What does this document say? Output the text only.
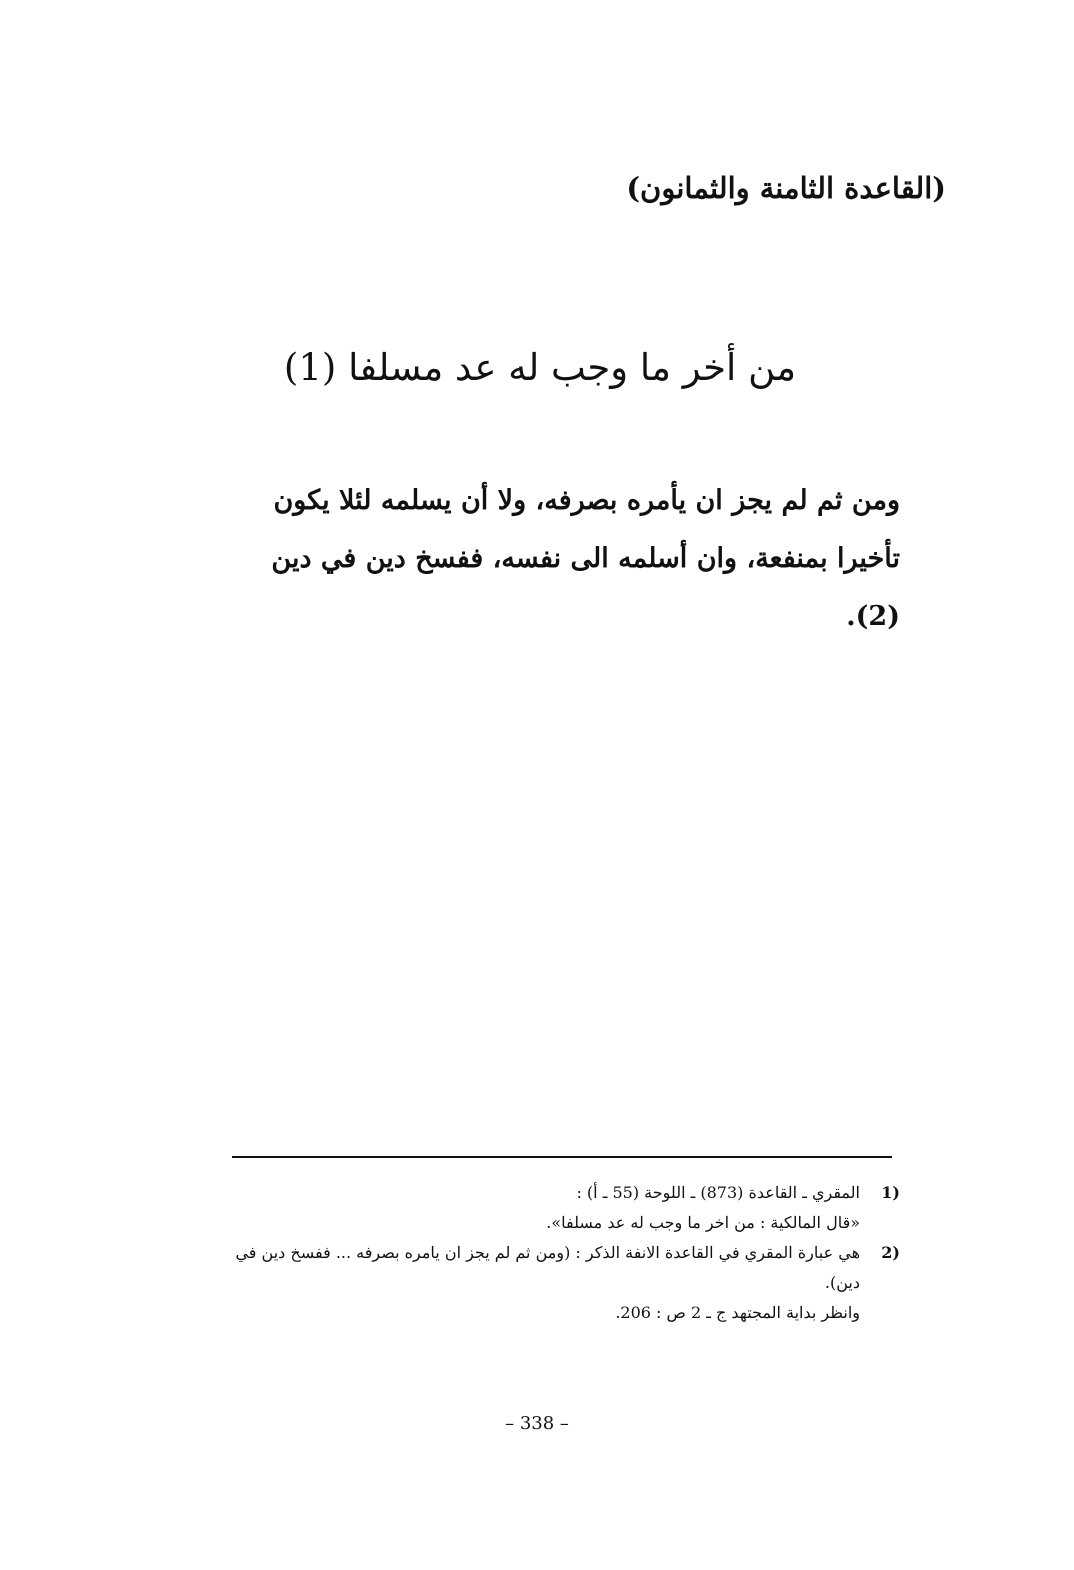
(القاعدة الثامنة والثمانون)
من أخر ما وجب له عد مسلفا (1)

ومن ثم لم يجز ان يأمره بصرفه، ولا أن يسلمه لئلا يكون تأخيرا بمنفعة، وان أسلمه الى نفسه، ففسخ دين في دين (2).

(1
المقري ـ القاعدة (873) ـ اللوحة (55 ـ أ) :
«قال المالكية : من اخر ما وجب له عد مسلفا».
(2
هي عبارة المقري في القاعدة الانفة الذكر : (ومن ثم لم يجز ان يامره بصرفه ... ففسخ دين في دين).
وانظر بداية المجتهد ج ـ 2 ص : 206.
– 338 –
